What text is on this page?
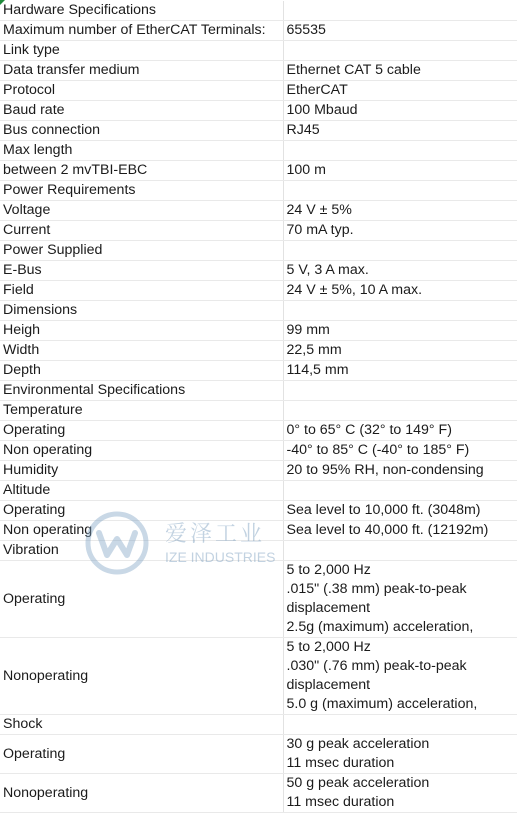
Hardware Specifications	
Maximum number of EtherCAT Terminals:	65535

Link type	
Data transfer medium	Ethernet CAT 5 cable

Protocol	EtherCAT

Baud rate	100 Mbaud

Bus connection	RJ45

Max length	
between 2 mvTBI-EBC	100 m

Power Requirements	
Voltage	24 V ± 5%

Current	70 mA typ.

Power Supplied	
E-Bus	5 V, 3 A max.

Field	24 V ± 5%, 10 A max.

Dimensions	
Heigh	99 mm

Width	22,5 mm

Depth	114,5 mm

Environmental Specifications	
Temperature	
Operating	0° to 65° C (32° to 149° F)

Non operating	-40° to 85° C (-40° to 185° F)

Humidity	20 to 95% RH, non-condensing

Altitude	
Operating	Sea level to 10,000 ft. (3048m)

Non operating	Sea level to 40,000 ft. (12192m)

Vibration	
Operating	5 to 2,000 Hz
.015" (.38 mm) peak-to-peak
displacement
2.5g (maximum) acceleration,

Nonoperating	5 to 2,000 Hz
.030" (.76 mm) peak-to-peak
displacement
5.0 g (maximum) acceleration,

Shock	
Operating	30 g peak acceleration
11 msec duration

Nonoperating	50 g peak acceleration
11 msec duration
爱泽工业
IZE INDUSTRIES
